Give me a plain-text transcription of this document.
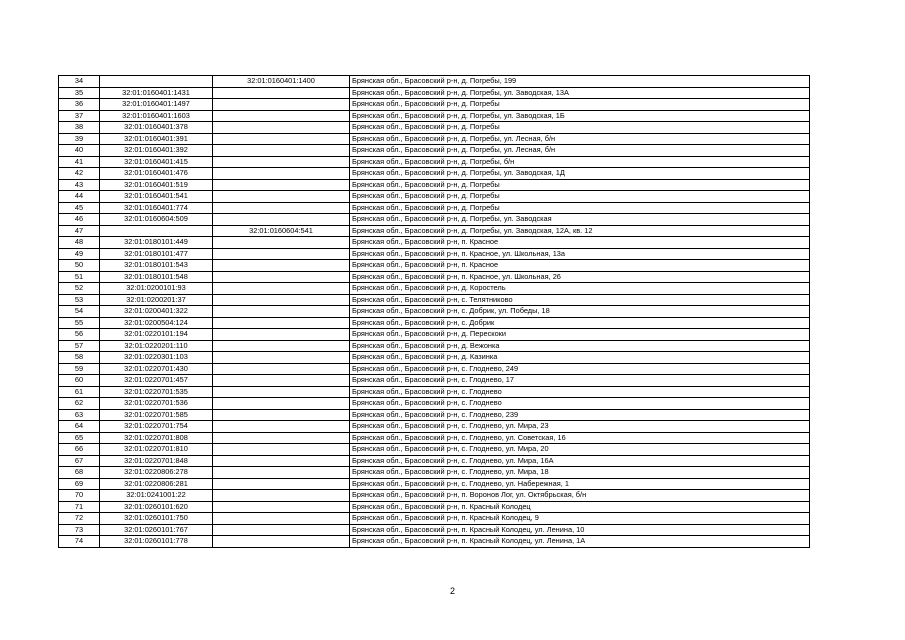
34		32:01:0160401:1400	Брянская обл., Брасовский р-н, д. Погребы, 199
35	32:01:0160401:1431		Брянская обл., Брасовский р-н, д. Погребы, ул. Заводская, 13А
36	32:01:0160401:1497		Брянская обл., Брасовский р-н, д. Погребы
37	32:01:0160401:1603		Брянская обл., Брасовский р-н, д. Погребы, ул. Заводская, 1Б
38	32:01:0160401:378		Брянская обл., Брасовский р-н, д. Погребы
39	32:01:0160401:391		Брянская обл., Брасовский р-н, д. Погребы, ул. Лесная, б/н
40	32:01:0160401:392		Брянская обл., Брасовский р-н, д. Погребы, ул. Лесная, б/н
41	32:01:0160401:415		Брянская обл., Брасовский р-н, д. Погребы, б/н
42	32:01:0160401:476		Брянская обл., Брасовский р-н, д. Погребы, ул. Заводская, 1Д
43	32:01:0160401:519		Брянская обл., Брасовский р-н, д. Погребы
44	32:01:0160401:541		Брянская обл., Брасовский р-н, д. Погребы
45	32:01:0160401:774		Брянская обл., Брасовский р-н, д. Погребы
46	32:01:0160604:509		Брянская обл., Брасовский р-н, д. Погребы, ул. Заводская
47		32:01:0160604:541	Брянская обл., Брасовский р-н, д. Погребы, ул. Заводская, 12А, кв. 12
48	32:01:0180101:449		Брянская обл., Брасовский р-н, п. Красное
49	32:01:0180101:477		Брянская обл., Брасовский р-н, п. Красное, ул. Школьная, 13а
50	32:01:0180101:543		Брянская обл., Брасовский р-н, п. Красное
51	32:01:0180101:548		Брянская обл., Брасовский р-н, п. Красное, ул. Школьная, 26
52	32:01:0200101:93		Брянская обл., Брасовский р-н, д. Коростель
53	32:01:0200201:37		Брянская обл., Брасовский р-н, с. Телятниково
54	32:01:0200401:322		Брянская обл., Брасовский р-н, с. Добрик, ул. Победы, 18
55	32:01:0200504:124		Брянская обл., Брасовский р-н, с. Добрик
56	32:01:0220101:194		Брянская обл., Брасовский р-н, д. Перескоки
57	32:01:0220201:110		Брянская обл., Брасовский р-н, д. Вежонка
58	32:01:0220301:103		Брянская обл., Брасовский р-н, д. Казинка
59	32:01:0220701:430		Брянская обл., Брасовский р-н, с. Глоднево, 249
60	32:01:0220701:457		Брянская обл., Брасовский р-н, с. Глоднево, 17
61	32:01:0220701:535		Брянская обл., Брасовский р-н, с. Глоднево
62	32:01:0220701:536		Брянская обл., Брасовский р-н, с. Глоднево
63	32:01:0220701:585		Брянская обл., Брасовский р-н, с. Глоднево, 239
64	32:01:0220701:754		Брянская обл., Брасовский р-н, с. Глоднево, ул. Мира, 23
65	32:01:0220701:808		Брянская обл., Брасовский р-н, с. Глоднево, ул. Советская, 16
66	32:01:0220701:810		Брянская обл., Брасовский р-н, с. Глоднево, ул. Мира, 20
67	32:01:0220701:848		Брянская обл., Брасовский р-н, с. Глоднево, ул. Мира, 16А
68	32:01:0220806:278		Брянская обл., Брасовский р-н, с. Глоднево, ул. Мира, 18
69	32:01:0220806:281		Брянская обл., Брасовский р-н, с. Глоднево, ул. Набережная, 1
70	32:01:0241001:22		Брянская обл., Брасовский р-н, п. Воронов Лог, ул. Октябрьская, б/н
71	32:01:0260101:620		Брянская обл., Брасовский р-н, п. Красный Колодец
72	32:01:0260101:750		Брянская обл., Брасовский р-н, п. Красный Колодец, 9
73	32:01:0260101:767		Брянская обл., Брасовский р-н, п. Красный Колодец, ул. Ленина, 10
74	32:01:0260101:778		Брянская обл., Брасовский р-н, п. Красный Колодец, ул. Ленина, 1А
2
